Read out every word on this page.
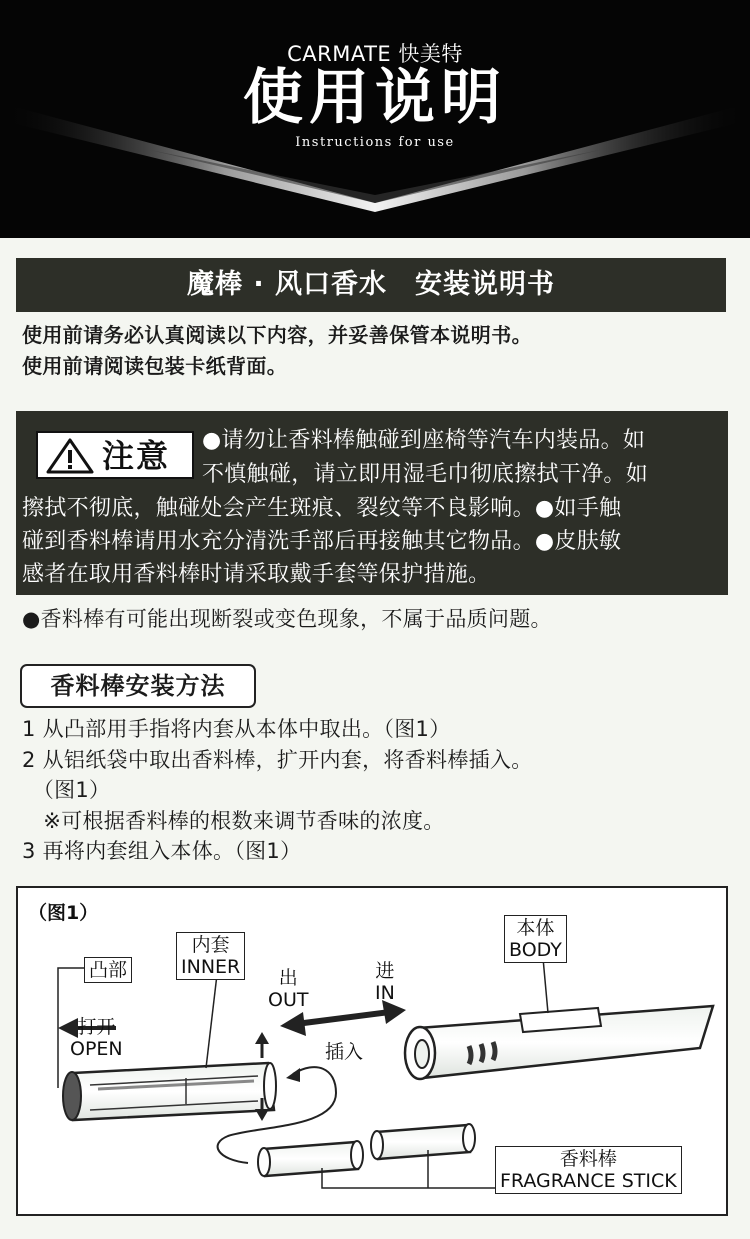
CARMATE 快美特
使用说明
Instructions for use
魔棒 · 风口香水　安装说明书
使用前请务必认真阅读以下内容，并妥善保管本说明书。
使用前请阅读包装卡纸背面。
注意 ●请勿让香料棒触碰到座椅等汽车内装品。如
不慎触碰，请立即用湿毛巾彻底擦拭干净。如
擦拭不彻底，触碰处会产生斑痕、裂纹等不良影响。●如手触
碰到香料棒请用水充分清洗手部后再接触其它物品。●皮肤敏
感者在取用香料棒时请采取戴手套等保护措施。
●香料棒有可能出现断裂或变色现象，不属于品质问题。
香料棒安装方法
1 从凸部用手指将内套从本体中取出。（图1）
2 从铝纸袋中取出香料棒，扩开内套，将香料棒插入。
　（图1）
　※可根据香料棒的根数来调节香味的浓度。
3 再将内套组入本体。（图1）
（图1）
凸部
内套
INNER
打开
OPEN
出
OUT
进
IN
插入
本体
BODY
香料棒
FRAGRANCE STICK
